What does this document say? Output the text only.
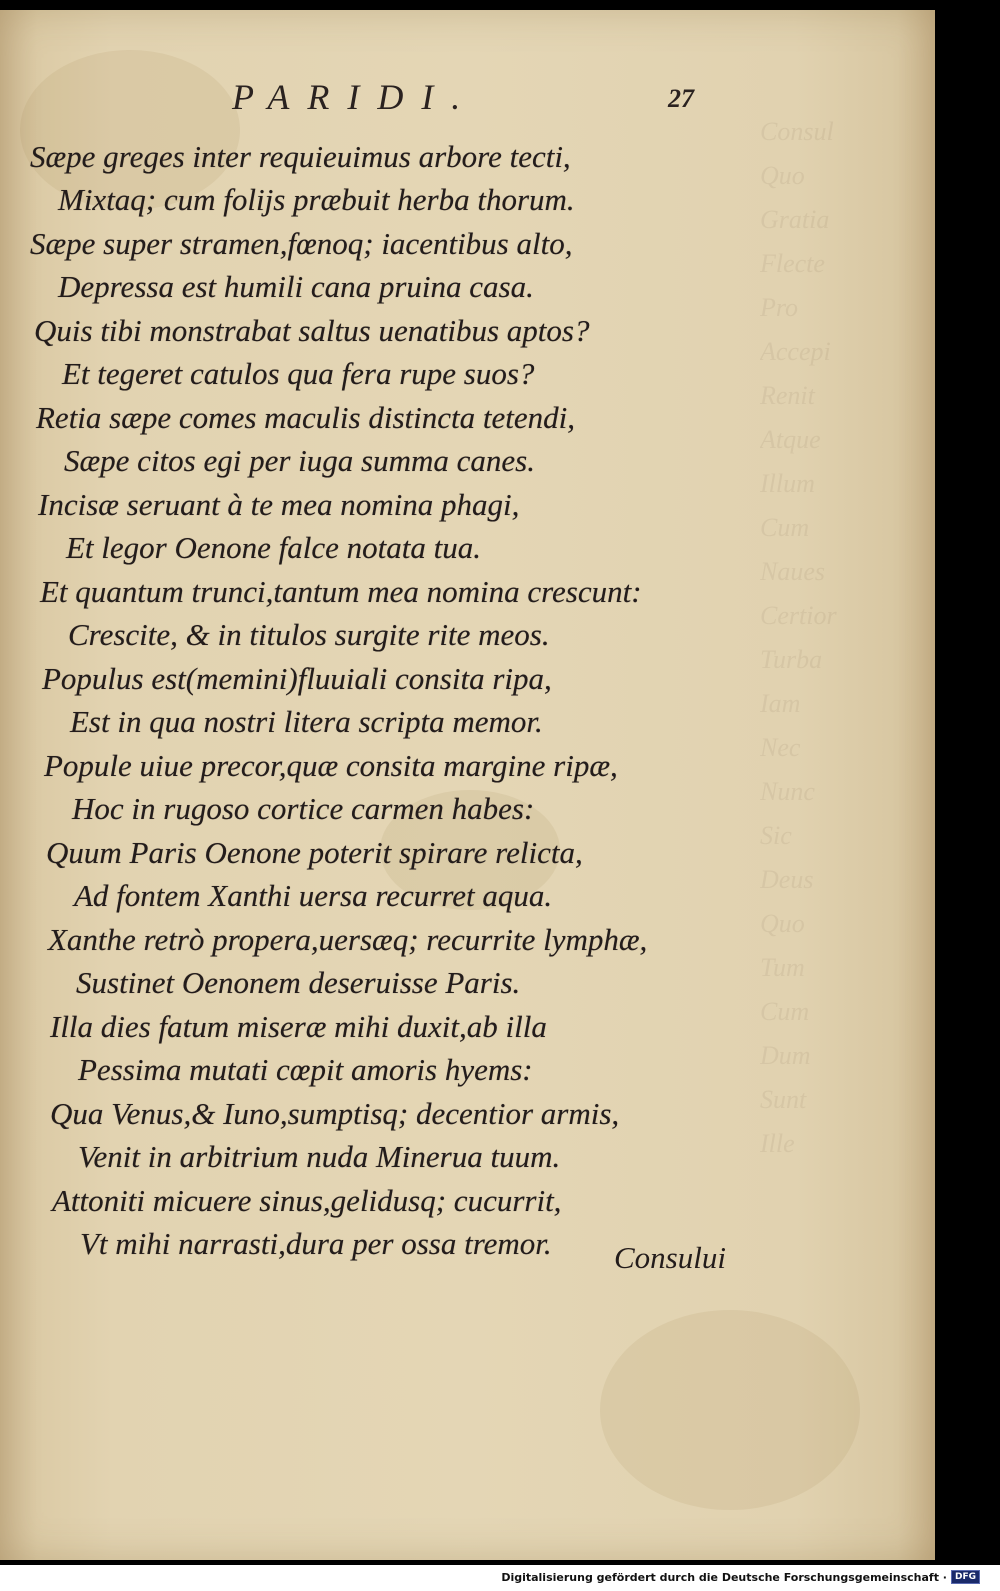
Consul
Quo
Gratia
Flecte
Pro
Accepi
Renit
Atque
Illum
Cum
Naues
Certior
Turba
Iam
Nec
Nunc
Sic
Deus
Quo
Tum
Cum
Dum
Sunt
Ille
PARIDI.	27
Sæpe greges inter requieuimus arbore tecti,
Mixtaq; cum folijs præbuit herba thorum.
Sæpe super stramen,fœnoq; iacentibus alto,
Depressa est humili cana pruina casa.
Quis tibi monstrabat saltus uenatibus aptos?
Et tegeret catulos qua fera rupe suos?
Retia sæpe comes maculis distincta tetendi,
Sæpe citos egi per iuga summa canes.
Incisæ seruant à te mea nomina phagi,
Et legor Oenone falce notata tua.
Et quantum trunci,tantum mea nomina crescunt:
Crescite, & in titulos surgite rite meos.
Populus est(memini)fluuiali consita ripa,
Est in qua nostri litera scripta memor.
Popule uiue precor,quæ consita margine ripæ,
Hoc in rugoso cortice carmen habes:
Quum Paris Oenone poterit spirare relicta,
Ad fontem Xanthi uersa recurret aqua.
Xanthe retrò propera,uersæq; recurrite lymphæ,
Sustinet Oenonem deseruisse Paris.
Illa dies fatum miseræ mihi duxit,ab illa
Pessima mutati cœpit amoris hyems:
Qua Venus,& Iuno,sumptisq; decentior armis,
Venit in arbitrium nuda Minerua tuum.
Attoniti micuere sinus,gelidusq; cucurrit,
Vt mihi narrasti,dura per ossa tremor. Consului
Digitalisierung gefördert durch die Deutsche Forschungsgemeinschaft · DFG
